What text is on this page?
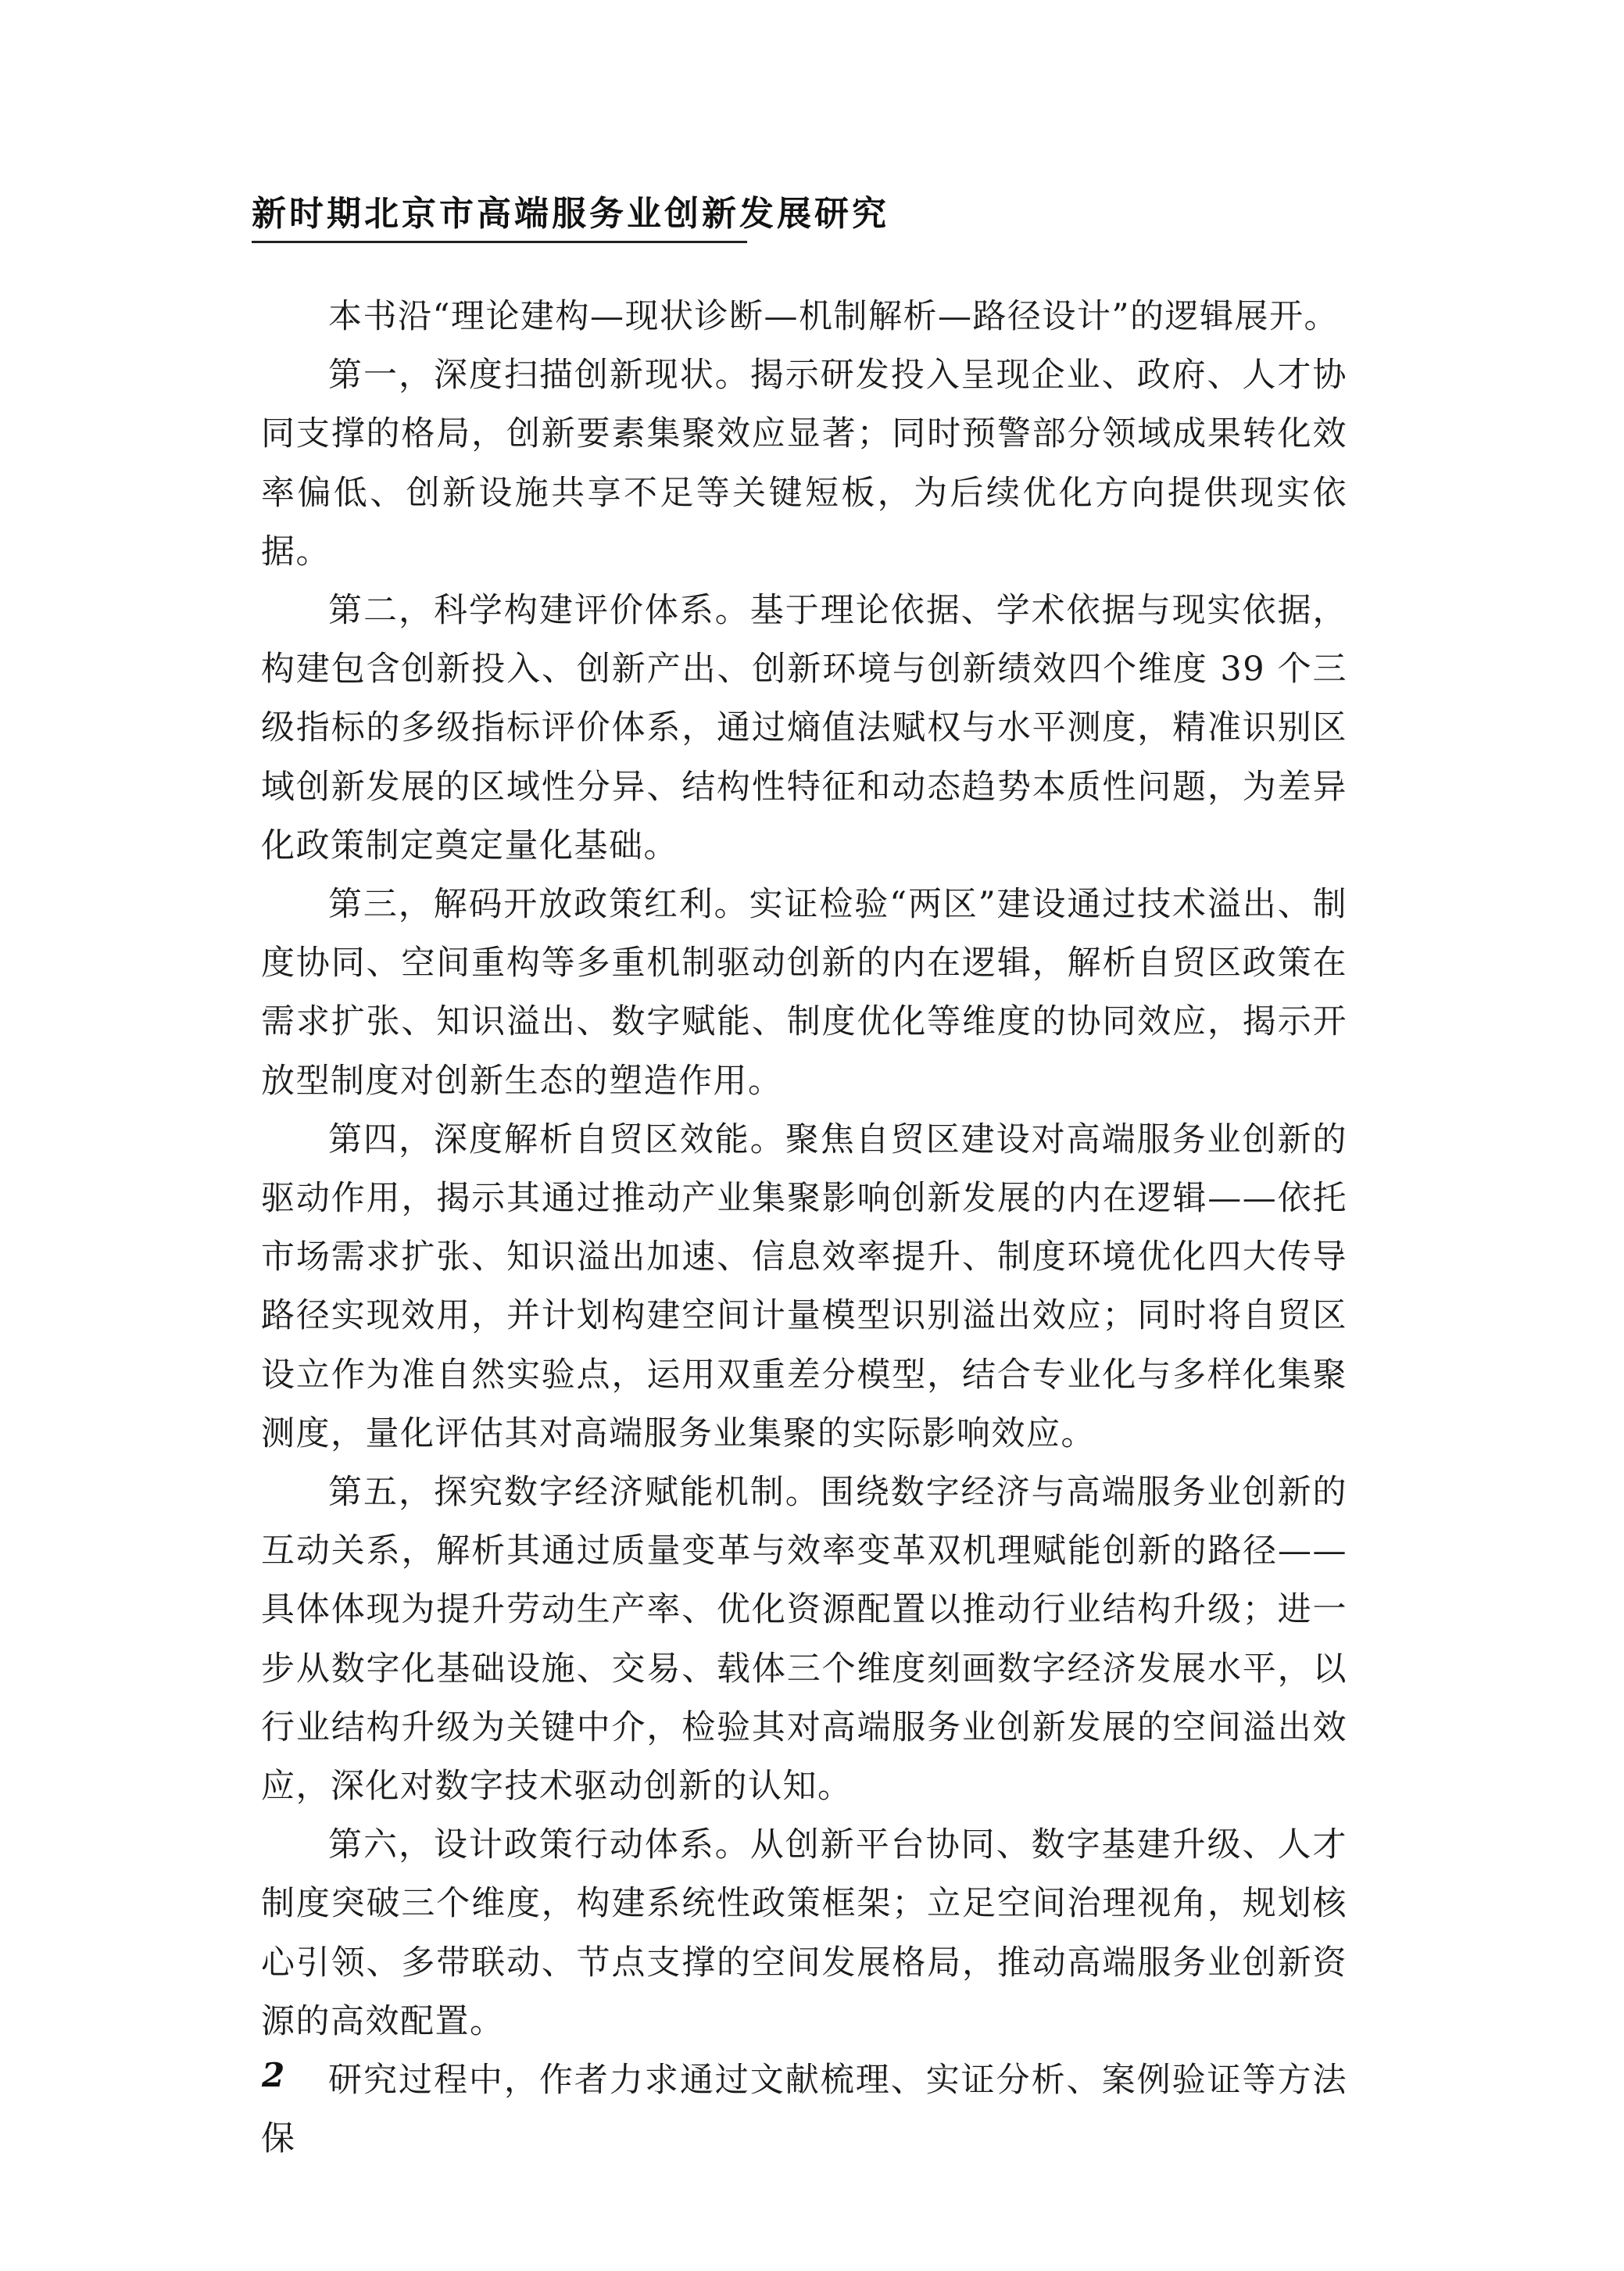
新时期北京市高端服务业创新发展研究

本书沿“理论建构—现状诊断—机制解析—路径设计”的逻辑展开。

第一，深度扫描创新现状。揭示研发投入呈现企业、政府、人才协同支撑的格局，创新要素集聚效应显著；同时预警部分领域成果转化效率偏低、创新设施共享不足等关键短板，为后续优化方向提供现实依据。

第二，科学构建评价体系。基于理论依据、学术依据与现实依据，构建包含创新投入、创新产出、创新环境与创新绩效四个维度 39 个三级指标的多级指标评价体系，通过熵值法赋权与水平测度，精准识别区域创新发展的区域性分异、结构性特征和动态趋势本质性问题，为差异化政策制定奠定量化基础。

第三，解码开放政策红利。实证检验“两区”建设通过技术溢出、制度协同、空间重构等多重机制驱动创新的内在逻辑，解析自贸区政策在需求扩张、知识溢出、数字赋能、制度优化等维度的协同效应，揭示开放型制度对创新生态的塑造作用。

第四，深度解析自贸区效能。聚焦自贸区建设对高端服务业创新的驱动作用，揭示其通过推动产业集聚影响创新发展的内在逻辑——依托市场需求扩张、知识溢出加速、信息效率提升、制度环境优化四大传导路径实现效用，并计划构建空间计量模型识别溢出效应；同时将自贸区设立作为准自然实验点，运用双重差分模型，结合专业化与多样化集聚测度，量化评估其对高端服务业集聚的实际影响效应。

第五，探究数字经济赋能机制。围绕数字经济与高端服务业创新的互动关系，解析其通过质量变革与效率变革双机理赋能创新的路径——具体体现为提升劳动生产率、优化资源配置以推动行业结构升级；进一步从数字化基础设施、交易、载体三个维度刻画数字经济发展水平，以行业结构升级为关键中介，检验其对高端服务业创新发展的空间溢出效应，深化对数字技术驱动创新的认知。

第六，设计政策行动体系。从创新平台协同、数字基建升级、人才制度突破三个维度，构建系统性政策框架；立足空间治理视角，规划核心引领、多带联动、节点支撑的空间发展格局，推动高端服务业创新资源的高效配置。

研究过程中，作者力求通过文献梳理、实证分析、案例验证等方法保

2
